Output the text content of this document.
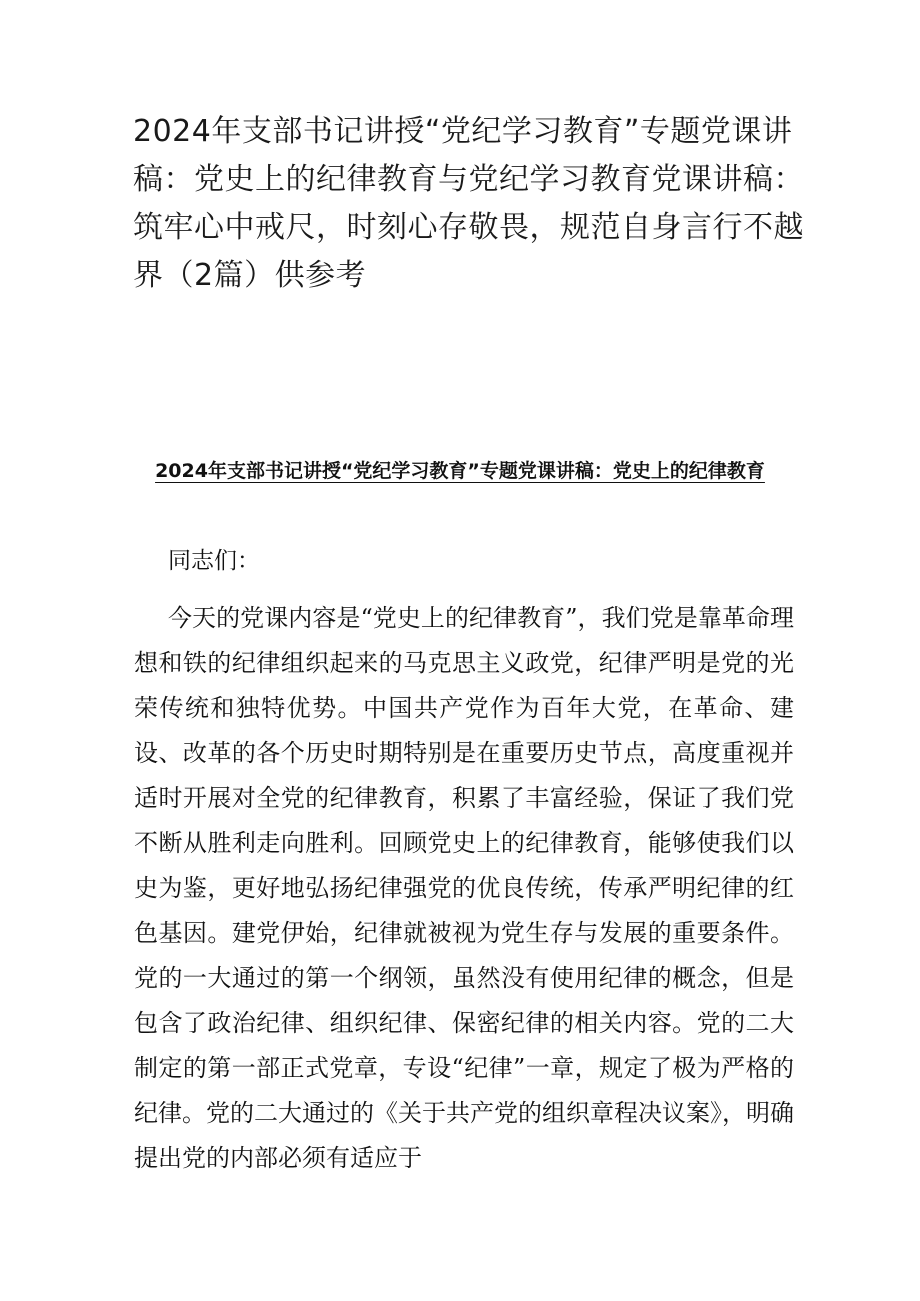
2024年支部书记讲授“党纪学习教育”专题党课讲稿：党史上的纪律教育与党纪学习教育党课讲稿：筑牢心中戒尺，时刻心存敬畏，规范自身言行不越界（2篇）供参考
2024年支部书记讲授“党纪学习教育”专题党课讲稿：党史上的纪律教育

同志们：

今天的党课内容是“党史上的纪律教育”，我们党是靠革命理想和铁的纪律组织起来的马克思主义政党，纪律严明是党的光荣传统和独特优势。中国共产党作为百年大党，在革命、建设、改革的各个历史时期特别是在重要历史节点，高度重视并适时开展对全党的纪律教育，积累了丰富经验，保证了我们党不断从胜利走向胜利。回顾党史上的纪律教育，能够使我们以史为鉴，更好地弘扬纪律强党的优良传统，传承严明纪律的红色基因。建党伊始，纪律就被视为党生存与发展的重要条件。党的一大通过的第一个纲领，虽然没有使用纪律的概念，但是包含了政治纪律、组织纪律、保密纪律的相关内容。党的二大制定的第一部正式党章，专设“纪律”一章，规定了极为严格的纪律。党的二大通过的《关于共产党的组织章程决议案》，明确提出党的内部必须有适应于
